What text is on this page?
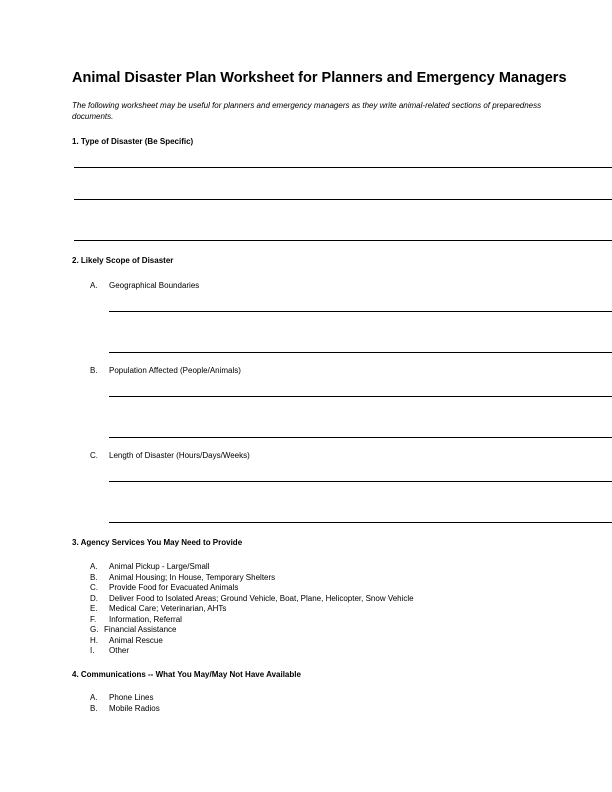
Animal Disaster Plan Worksheet for Planners and Emergency Managers
The following worksheet may be useful for planners and emergency managers as they write animal-related sections of preparedness documents.
1. Type of Disaster (Be Specific)
2. Likely Scope of Disaster
A. Geographical Boundaries
B. Population Affected (People/Animals)
C. Length of Disaster (Hours/Days/Weeks)
3. Agency Services You May Need to Provide
A. Animal Pickup - Large/Small
B. Animal Housing; In House, Temporary Shelters
C. Provide Food for Evacuated Animals
D. Deliver Food to Isolated Areas; Ground Vehicle, Boat, Plane, Helicopter, Snow Vehicle
E. Medical Care; Veterinarian, AHTs
F. Information, Referral
G. Financial Assistance
H. Animal Rescue
I. Other
4. Communications -- What You May/May Not Have Available
A. Phone Lines
B. Mobile Radios
